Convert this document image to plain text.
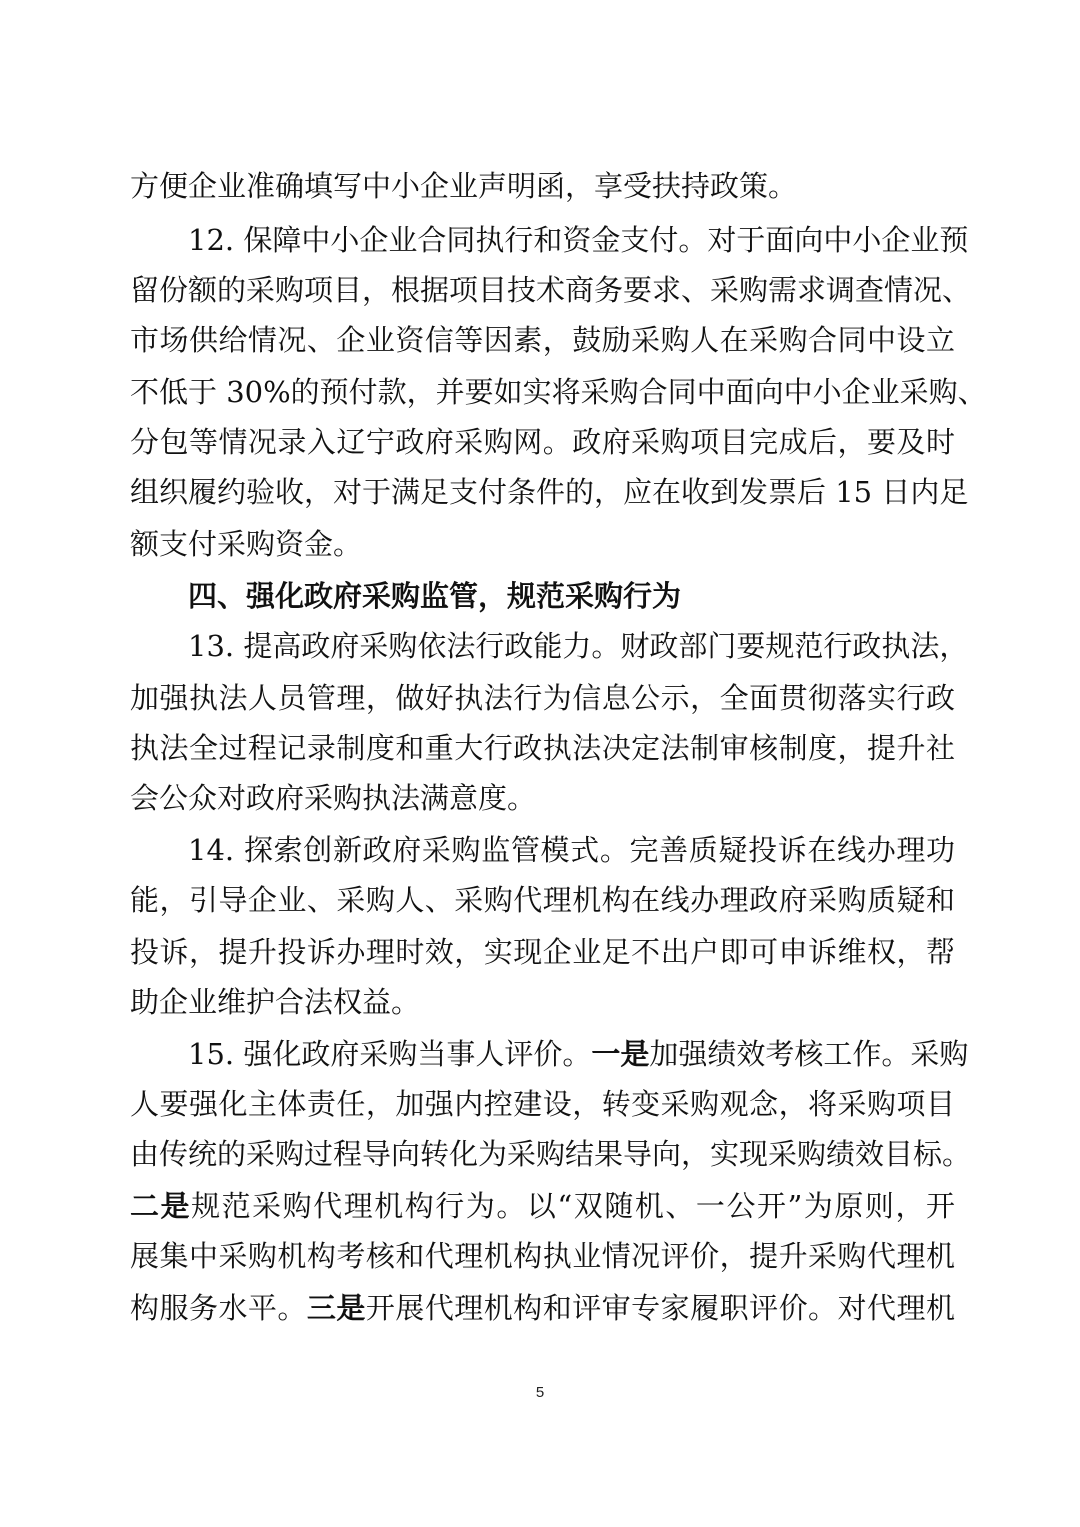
方便企业准确填写中小企业声明函，享受扶持政策。
12. 保障中小企业合同执行和资金支付。对于面向中小企业预
留份额的采购项目，根据项目技术商务要求、采购需求调查情况、
市场供给情况、企业资信等因素，鼓励采购人在采购合同中设立
不低于 30%的预付款，并要如实将采购合同中面向中小企业采购、
分包等情况录入辽宁政府采购网。政府采购项目完成后，要及时
组织履约验收，对于满足支付条件的，应在收到发票后 15 日内足
额支付采购资金。
四、强化政府采购监管，规范采购行为
13. 提高政府采购依法行政能力。财政部门要规范行政执法，
加强执法人员管理，做好执法行为信息公示，全面贯彻落实行政
执法全过程记录制度和重大行政执法决定法制审核制度，提升社
会公众对政府采购执法满意度。
14. 探索创新政府采购监管模式。完善质疑投诉在线办理功
能，引导企业、采购人、采购代理机构在线办理政府采购质疑和
投诉，提升投诉办理时效，实现企业足不出户即可申诉维权，帮
助企业维护合法权益。
15. 强化政府采购当事人评价。一是加强绩效考核工作。采购
人要强化主体责任，加强内控建设，转变采购观念，将采购项目
由传统的采购过程导向转化为采购结果导向，实现采购绩效目标。
二是规范采购代理机构行为。以“双随机、一公开”为原则，开
展集中采购机构考核和代理机构执业情况评价，提升采购代理机
构服务水平。三是开展代理机构和评审专家履职评价。对代理机
5
